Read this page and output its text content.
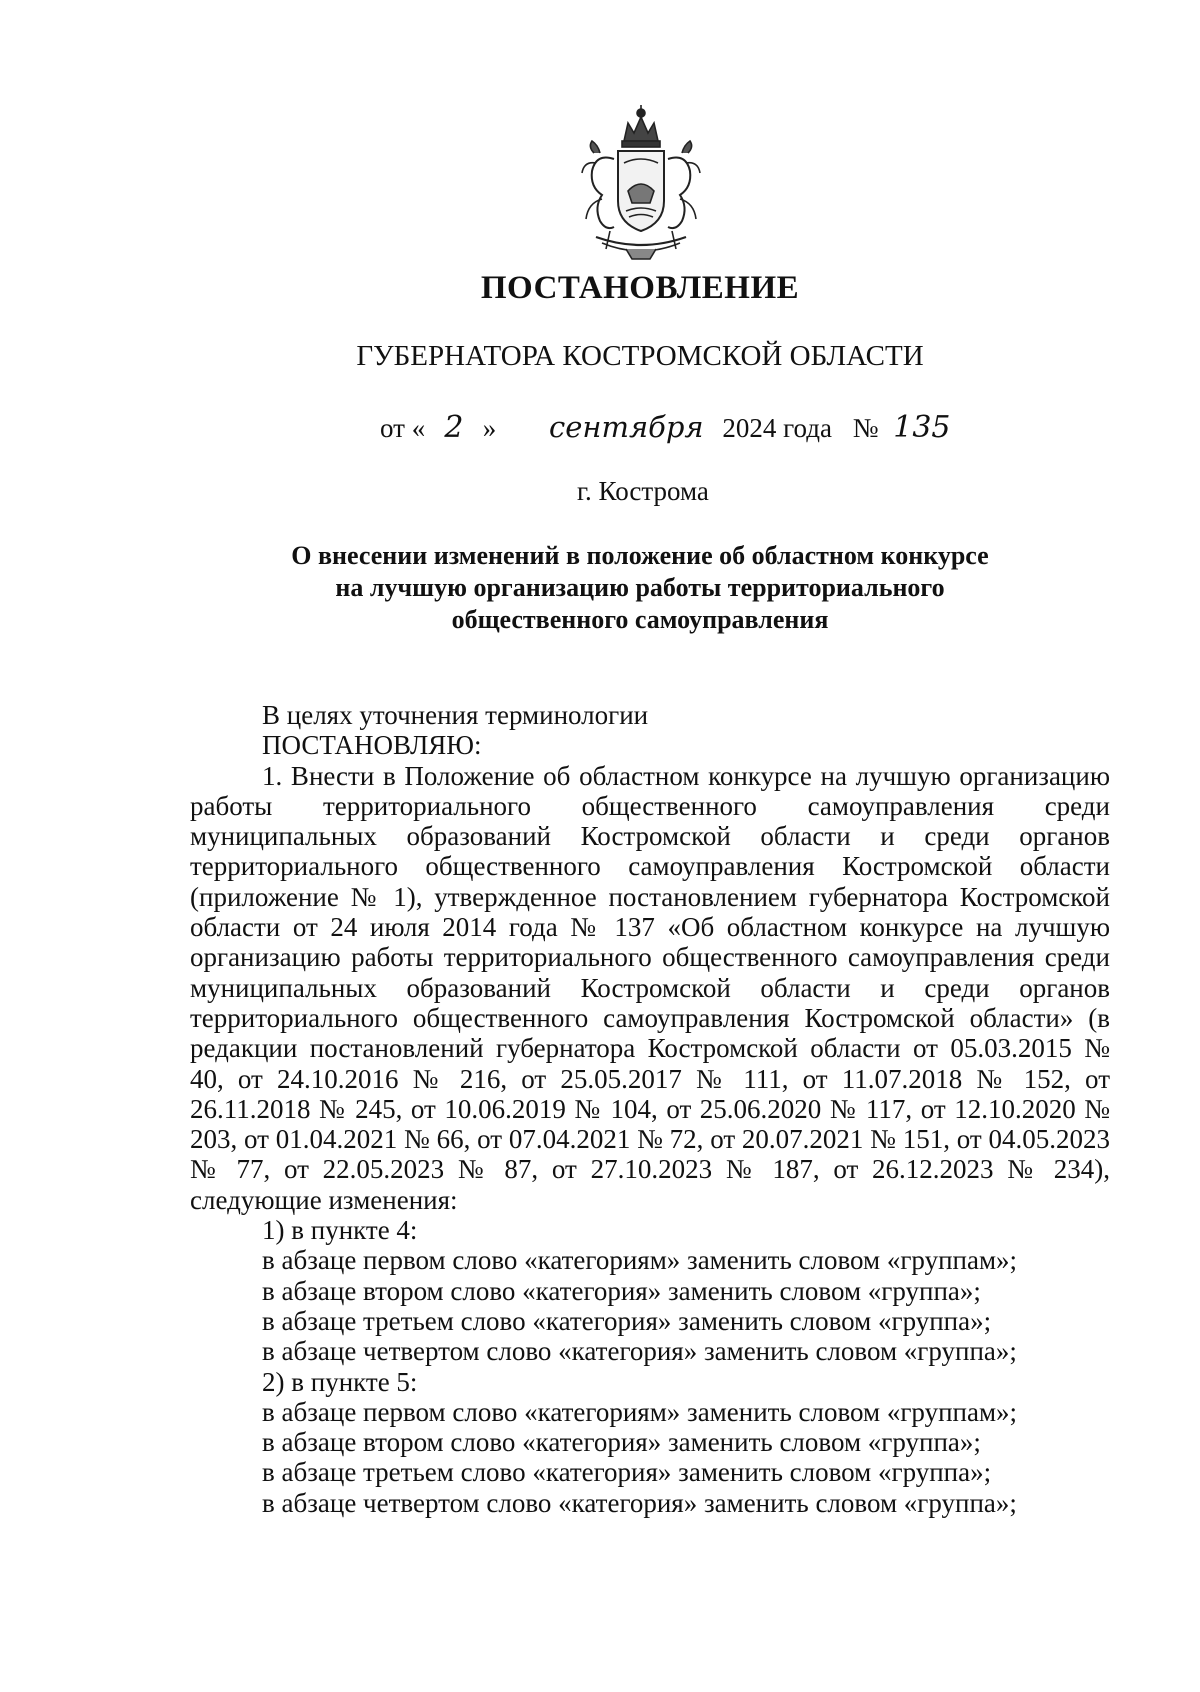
ПОСТАНОВЛЕНИЕ
ГУБЕРНАТОРА КОСТРОМСКОЙ ОБЛАСТИ
от « 2 » сентября 2024 года № 135
г. Кострома
О внесении изменений в положение об областном конкурсе
на лучшую организацию работы территориального
общественного самоуправления

В целях уточнения терминологии

ПОСТАНОВЛЯЮ:

1. Внести в Положение об областном конкурсе на лучшую организацию работы территориального общественного самоуправления среди муниципальных образований Костромской области и среди органов территориального общественного самоуправления Костромской области (приложение № 1), утвержденное постановлением губернатора Костромской области от 24 июля 2014 года № 137 «Об областном конкурсе на лучшую организацию работы территориального общественного самоуправления среди муниципальных образований Костромской области и среди органов территориального общественного самоуправления Костромской области» (в редакции постановлений губернатора Костромской области от 05.03.2015 № 40, от 24.10.2016 № 216, от 25.05.2017 № 111, от 11.07.2018 № 152, от 26.11.2018 № 245, от 10.06.2019 № 104, от 25.06.2020 № 117, от 12.10.2020 № 203, от 01.04.2021 № 66, от 07.04.2021 № 72, от 20.07.2021 № 151, от 04.05.2023 № 77, от 22.05.2023 № 87, от 27.10.2023 № 187, от 26.12.2023 № 234), следующие изменения:

1) в пункте 4:

в абзаце первом слово «категориям» заменить словом «группам»;

в абзаце втором слово «категория» заменить словом «группа»;

в абзаце третьем слово «категория» заменить словом «группа»;

в абзаце четвертом слово «категория» заменить словом «группа»;

2) в пункте 5:

в абзаце первом слово «категориям» заменить словом «группам»;

в абзаце втором слово «категория» заменить словом «группа»;

в абзаце третьем слово «категория» заменить словом «группа»;

в абзаце четвертом слово «категория» заменить словом «группа»;
